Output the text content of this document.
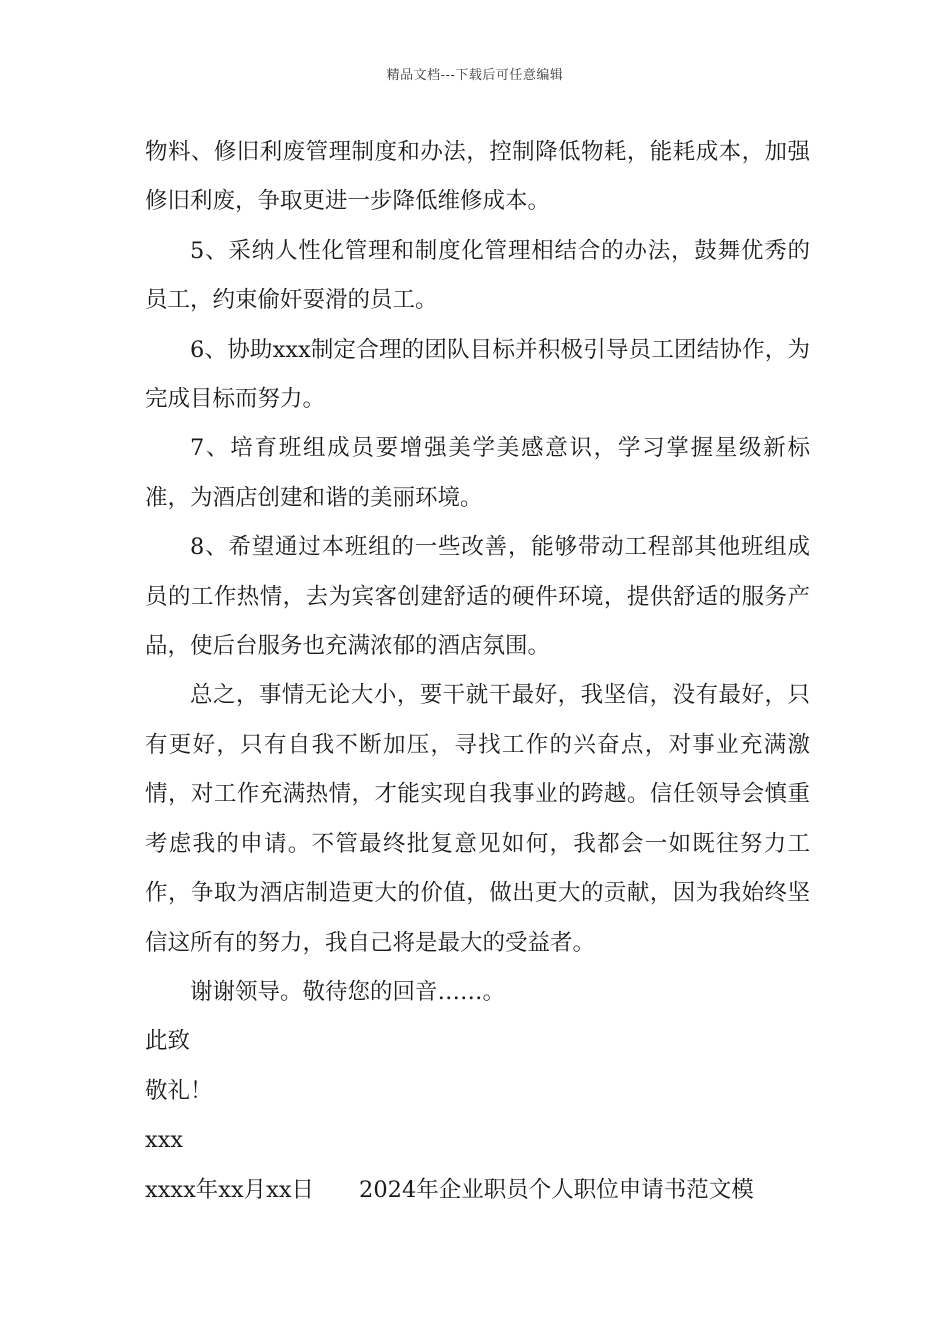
精品文档---下载后可任意编辑

物料、修旧利废管理制度和办法，控制降低物耗，能耗成本，加强修旧利废，争取更进一步降低维修成本。

5、采纳人性化管理和制度化管理相结合的办法，鼓舞优秀的员工，约束偷奸耍滑的员工。

6、协助xxx制定合理的团队目标并积极引导员工团结协作，为完成目标而努力。

7、培育班组成员要增强美学美感意识，学习掌握星级新标准，为酒店创建和谐的美丽环境。

8、希望通过本班组的一些改善，能够带动工程部其他班组成员的工作热情，去为宾客创建舒适的硬件环境，提供舒适的服务产品，使后台服务也充满浓郁的酒店氛围。

总之，事情无论大小，要干就干最好，我坚信，没有最好，只有更好，只有自我不断加压，寻找工作的兴奋点，对事业充满激情，对工作充满热情，才能实现自我事业的跨越。信任领导会慎重考虑我的申请。不管最终批复意见如何，我都会一如既往努力工作，争取为酒店制造更大的价值，做出更大的贡献，因为我始终坚信这所有的努力，我自己将是最大的受益者。

谢谢领导。敬待您的回音……。

此致

敬礼！

xxx

xxxx年xx月xx日 2024年企业职员个人职位申请书范文模
